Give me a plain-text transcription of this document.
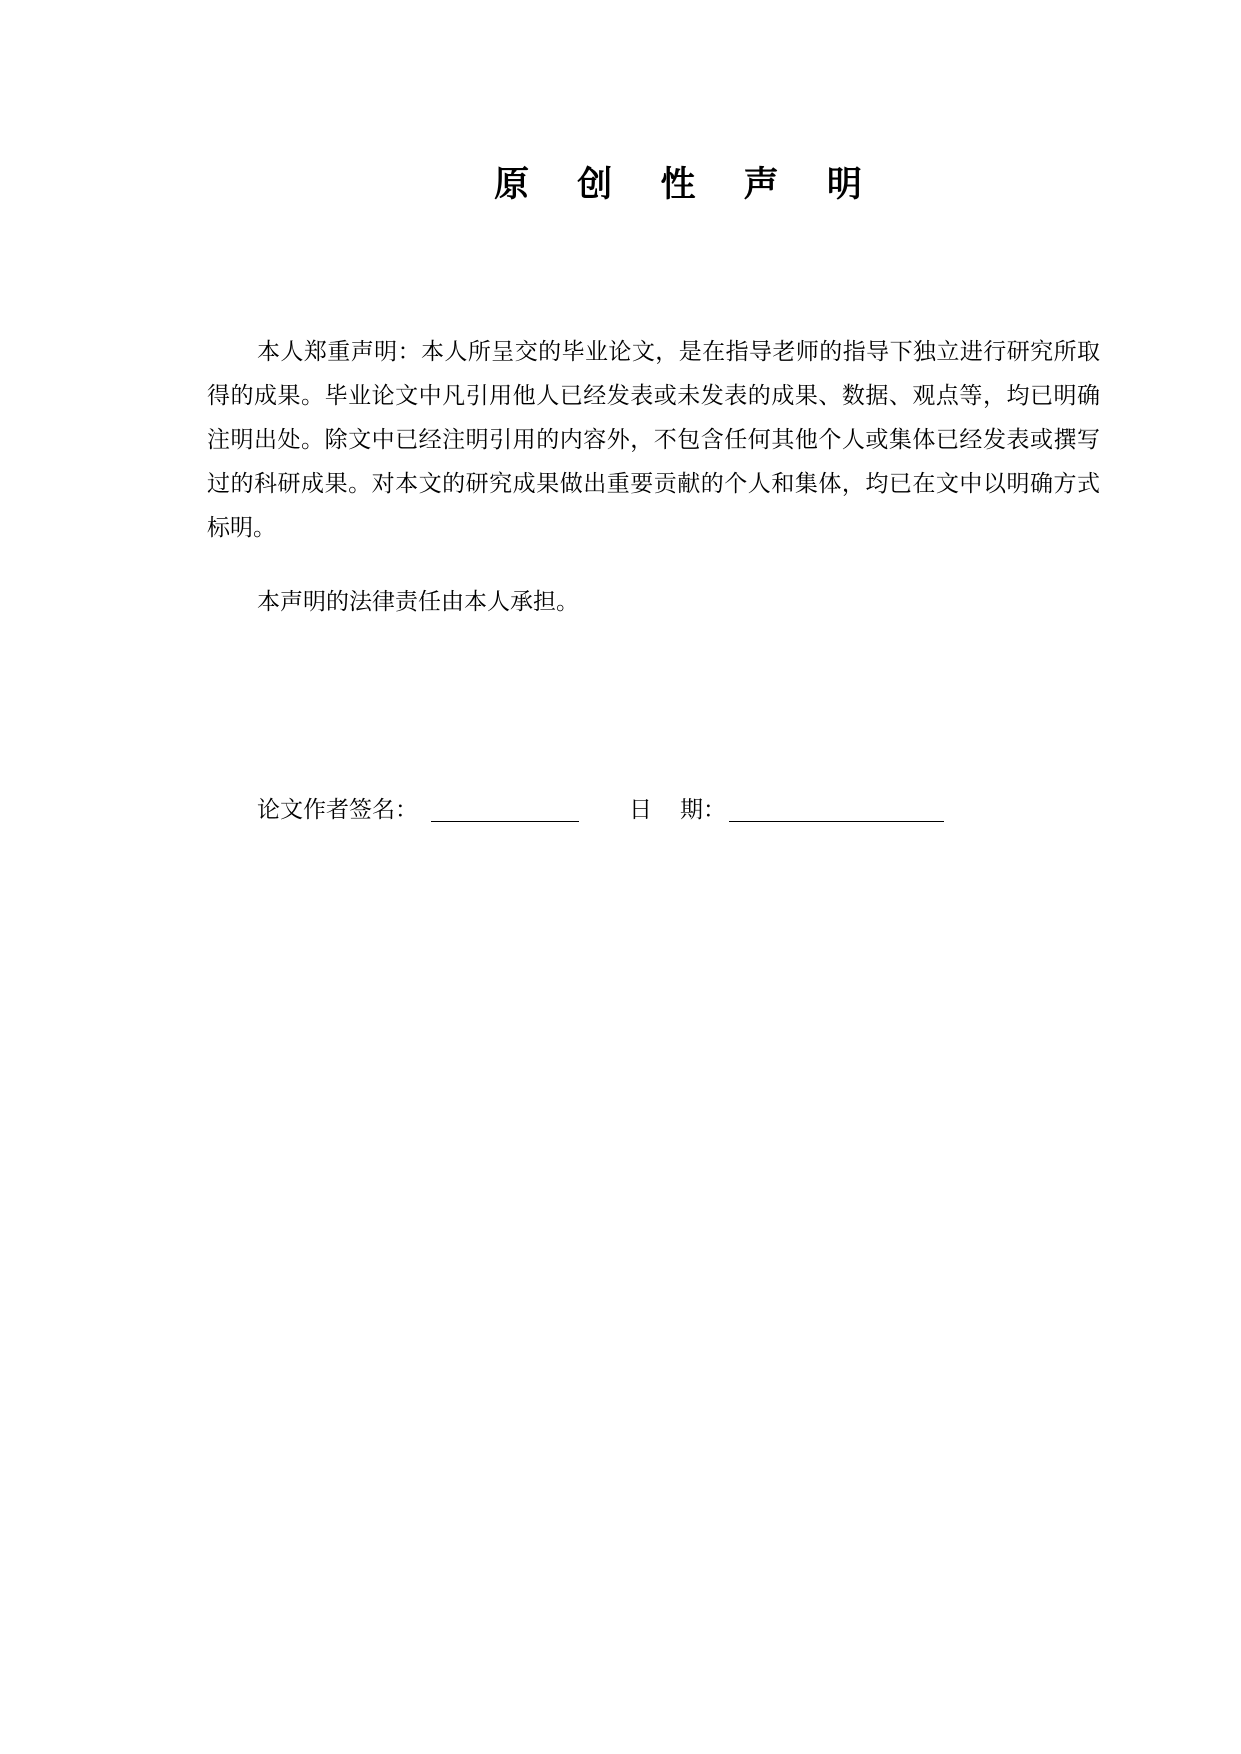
原 创 性 声 明
本人郑重声明：本人所呈交的毕业论文，是在指导老师的指导下独立进行研究所取得的成果。毕业论文中凡引用他人已经发表或未发表的成果、数据、观点等，均已明确注明出处。除文中已经注明引用的内容外，不包含任何其他个人或集体已经发表或撰写过的科研成果。对本文的研究成果做出重要贡献的个人和集体，均已在文中以明确方式标明。
本声明的法律责任由本人承担。
论文作者签名：	日 期：
